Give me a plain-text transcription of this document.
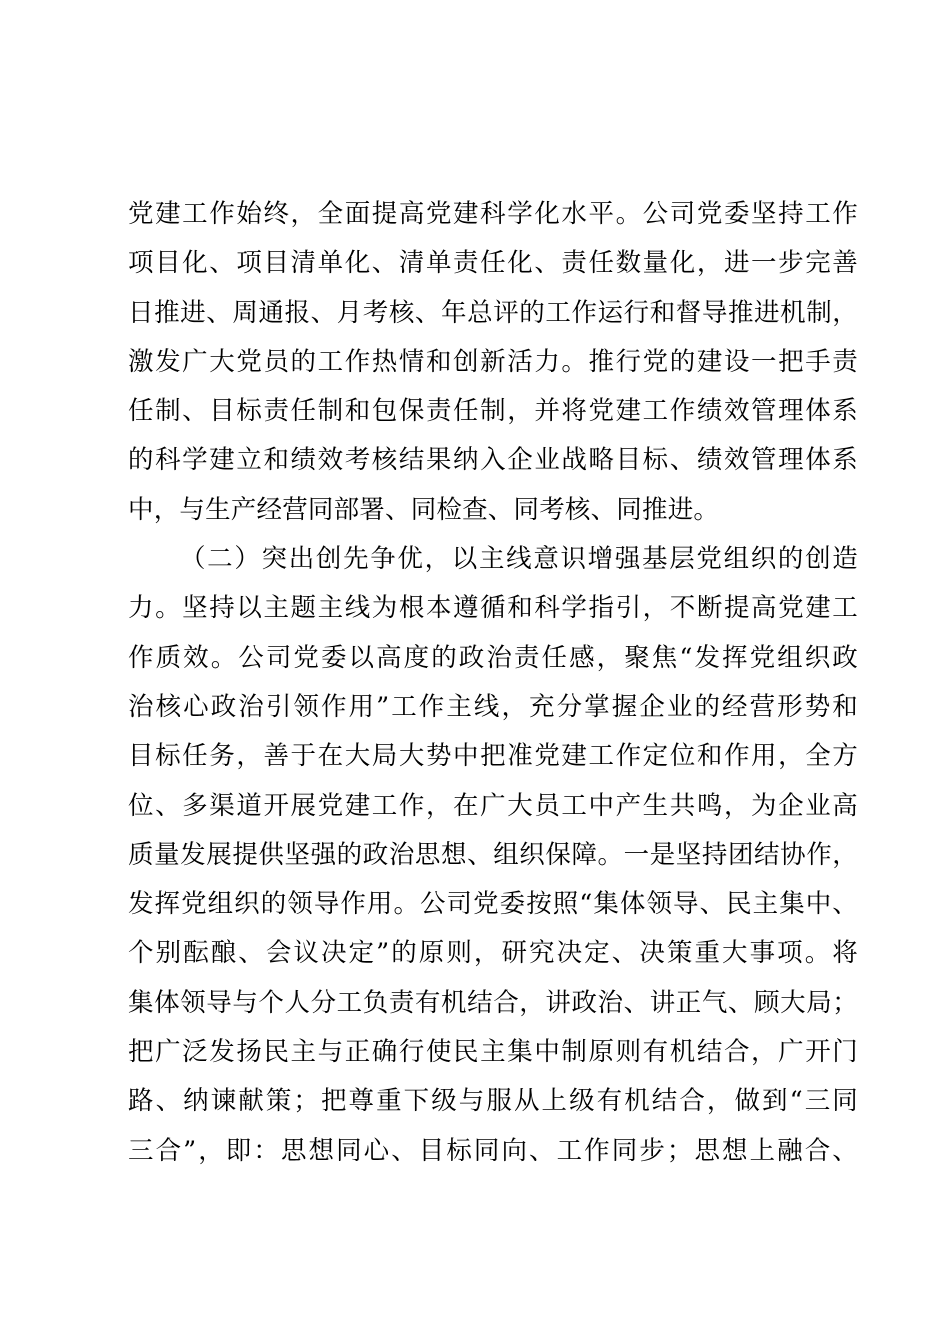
党建工作始终，全面提高党建科学化水平。公司党委坚持工作
项目化、项目清单化、清单责任化、责任数量化，进一步完善
日推进、周通报、月考核、年总评的工作运行和督导推进机制，
激发广大党员的工作热情和创新活力。推行党的建设一把手责
任制、目标责任制和包保责任制，并将党建工作绩效管理体系
的科学建立和绩效考核结果纳入企业战略目标、绩效管理体系
中，与生产经营同部署、同检查、同考核、同推进。
（二）突出创先争优，以主线意识增强基层党组织的创造
力。坚持以主题主线为根本遵循和科学指引，不断提高党建工
作质效。公司党委以高度的政治责任感，聚焦“发挥党组织政
治核心政治引领作用”工作主线，充分掌握企业的经营形势和
目标任务，善于在大局大势中把准党建工作定位和作用，全方
位、多渠道开展党建工作，在广大员工中产生共鸣，为企业高
质量发展提供坚强的政治思想、组织保障。一是坚持团结协作，
发挥党组织的领导作用。公司党委按照“集体领导、民主集中、
个别酝酿、会议决定”的原则，研究决定、决策重大事项。将
集体领导与个人分工负责有机结合，讲政治、讲正气、顾大局；
把广泛发扬民主与正确行使民主集中制原则有机结合，广开门
路、纳谏献策；把尊重下级与服从上级有机结合，做到“三同
三合”，即：思想同心、目标同向、工作同步；思想上融合、
